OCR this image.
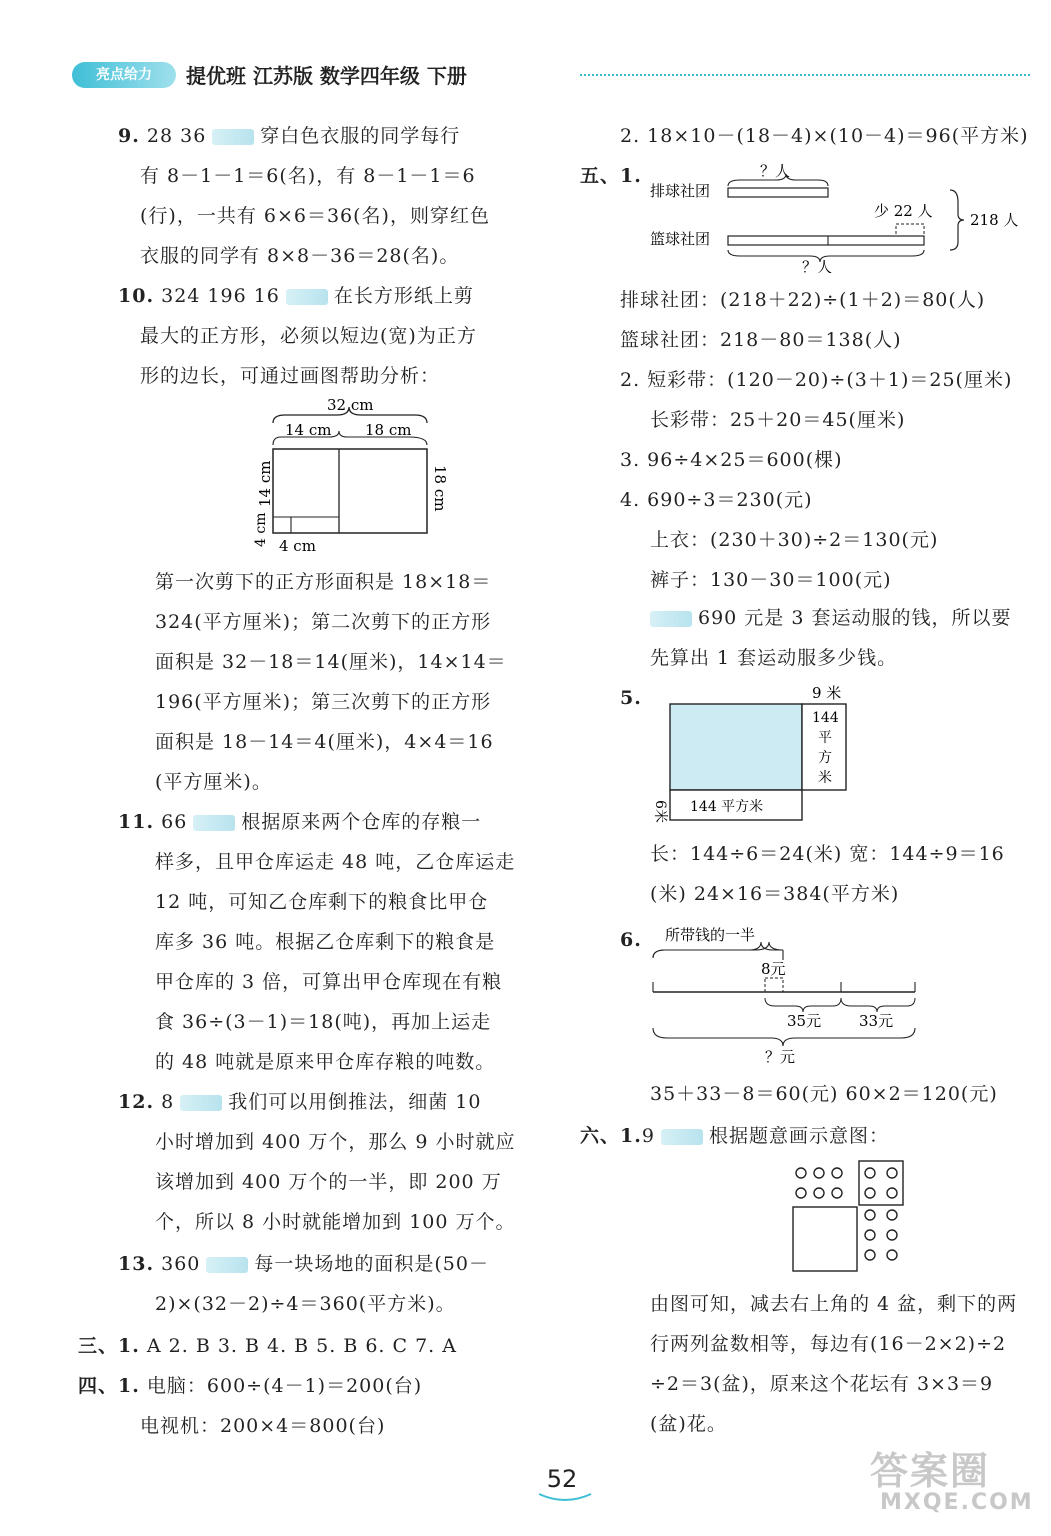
亮点给力	提优班 江苏版 数学四年级 下册
9. 28 36	穿白色衣服的同学每行
有 8－1－1＝6(名)，有 8－1－1＝6
(行)，一共有 6×6＝36(名)，则穿红色
衣服的同学有 8×8－36＝28(名)。
10. 324 196 16	在长方形纸上剪
最大的正方形，必须以短边(宽)为正方
形的边长，可通过画图帮助分析：
32 cm
14 cm 18 cm
14 cm	18 cm
4 cm 4 cm
第一次剪下的正方形面积是 18×18＝
324(平方厘米)；第二次剪下的正方形
面积是 32－18＝14(厘米)，14×14＝
196(平方厘米)；第三次剪下的正方形
面积是 18－14＝4(厘米)，4×4＝16
(平方厘米)。
11. 66	根据原来两个仓库的存粮一
样多，且甲仓库运走 48 吨，乙仓库运走
12 吨，可知乙仓库剩下的粮食比甲仓
库多 36 吨。根据乙仓库剩下的粮食是
甲仓库的 3 倍，可算出甲仓库现在有粮
食 36÷(3－1)＝18(吨)，再加上运走
的 48 吨就是原来甲仓库存粮的吨数。
12. 8	我们可以用倒推法，细菌 10
小时增加到 400 万个，那么 9 小时就应
该增加到 400 万个的一半，即 200 万
个，所以 8 小时就能增加到 100 万个。
13. 360	每一块场地的面积是(50－
2)×(32－2)÷4＝360(平方米)。
三、1. A 2. B 3. B 4. B 5. B 6. C 7. A
四、1. 电脑：600÷(4－1)＝200(台)
电视机：200×4＝800(台)
2. 18×10－(18－4)×(10－4)＝96(平方米)
五、1.
排球社团
篮球社团
？人
少 22 人
？人
218 人
排球社团：(218＋22)÷(1＋2)＝80(人)
篮球社团：218－80＝138(人)
2. 短彩带：(120－20)÷(3＋1)＝25(厘米)
长彩带：25＋20＝45(厘米)
3. 96÷4×25＝600(棵)
4. 690÷3＝230(元)
上衣：(230＋30)÷2＝130(元)
裤子：130－30＝100(元)
690 元是 3 套运动服的钱，所以要
先算出 1 套运动服多少钱。
5.	9 米
144
平
方
米
6米 144 平方米
长：144÷6＝24(米) 宽：144÷9＝16
(米) 24×16＝384(平方米)
6. 所带钱的一半
8元
35元	33元
？元
35＋33－8＝60(元) 60×2＝120(元)
六、1.9	根据题意画示意图：
由图可知，减去右上角的 4 盆，剩下的两
行两列盆数相等，每边有(16－2×2)÷2
÷2＝3(盆)，原来这个花坛有 3×3＝9
(盆)花。
52	答案圈
MXQE.COM
